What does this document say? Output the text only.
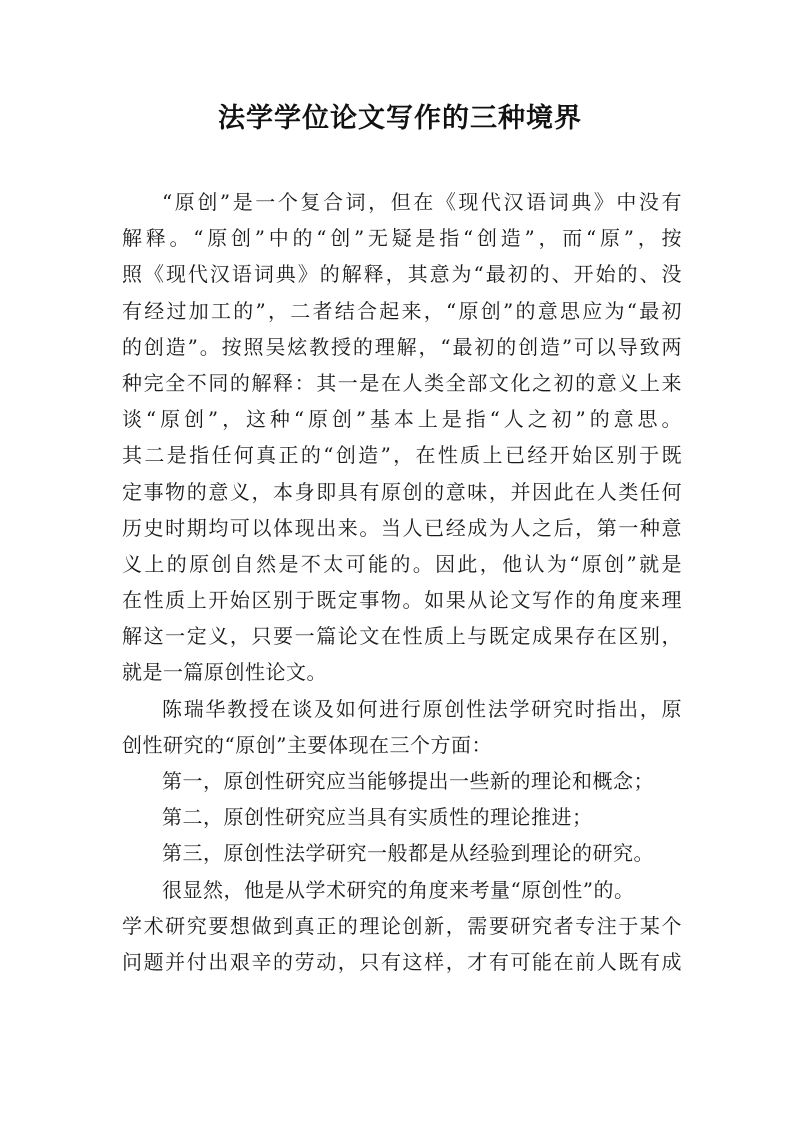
法学学位论文写作的三种境界
“原创”是一个复合词，但在《现代汉语词典》中没有
解释。“原创”中的“创”无疑是指“创造”，而“原”，按
照《现代汉语词典》的解释，其意为“最初的、开始的、没
有经过加工的”，二者结合起来，“原创”的意思应为“最初
的创造”。按照吴炫教授的理解，“最初的创造”可以导致两
种完全不同的解释：其一是在人类全部文化之初的意义上来
谈“原创”，这种“原创”基本上是指“人之初”的意思。
其二是指任何真正的“创造”，在性质上已经开始区别于既
定事物的意义，本身即具有原创的意味，并因此在人类任何
历史时期均可以体现出来。当人已经成为人之后，第一种意
义上的原创自然是不太可能的。因此，他认为“原创”就是
在性质上开始区别于既定事物。如果从论文写作的角度来理
解这一定义，只要一篇论文在性质上与既定成果存在区别，
就是一篇原创性论文。
陈瑞华教授在谈及如何进行原创性法学研究时指出，原
创性研究的“原创”主要体现在三个方面：
第一，原创性研究应当能够提出一些新的理论和概念；
第二，原创性研究应当具有实质性的理论推进；
第三，原创性法学研究一般都是从经验到理论的研究。
很显然，他是从学术研究的角度来考量“原创性”的。
学术研究要想做到真正的理论创新，需要研究者专注于某个
问题并付出艰辛的劳动，只有这样，才有可能在前人既有成
